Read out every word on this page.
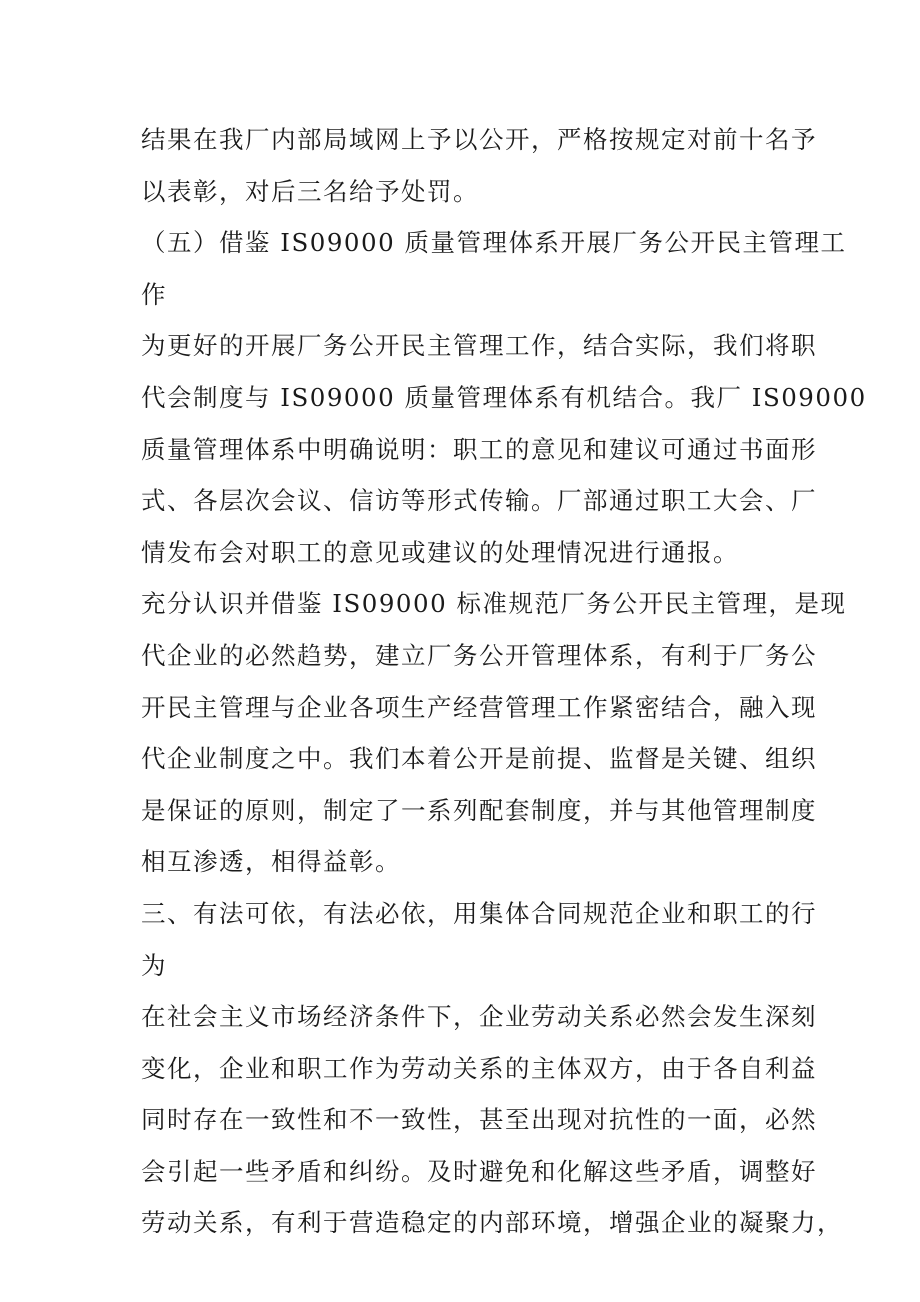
结果在我厂内部局域网上予以公开，严格按规定对前十名予
以表彰，对后三名给予处罚。
（五）借鉴 IS09000 质量管理体系开展厂务公开民主管理工
作
为更好的开展厂务公开民主管理工作，结合实际，我们将职
代会制度与 IS09000 质量管理体系有机结合。我厂 IS09000
质量管理体系中明确说明：职工的意见和建议可通过书面形
式、各层次会议、信访等形式传输。厂部通过职工大会、厂
情发布会对职工的意见或建议的处理情况进行通报。
充分认识并借鉴 IS09000 标准规范厂务公开民主管理，是现
代企业的必然趋势，建立厂务公开管理体系，有利于厂务公
开民主管理与企业各项生产经营管理工作紧密结合，融入现
代企业制度之中。我们本着公开是前提、监督是关键、组织
是保证的原则，制定了一系列配套制度，并与其他管理制度
相互渗透，相得益彰。
三、有法可依，有法必依，用集体合同规范企业和职工的行
为
在社会主义市场经济条件下，企业劳动关系必然会发生深刻
变化，企业和职工作为劳动关系的主体双方，由于各自利益
同时存在一致性和不一致性，甚至出现对抗性的一面，必然
会引起一些矛盾和纠纷。及时避免和化解这些矛盾，调整好
劳动关系，有利于营造稳定的内部环境，增强企业的凝聚力，
